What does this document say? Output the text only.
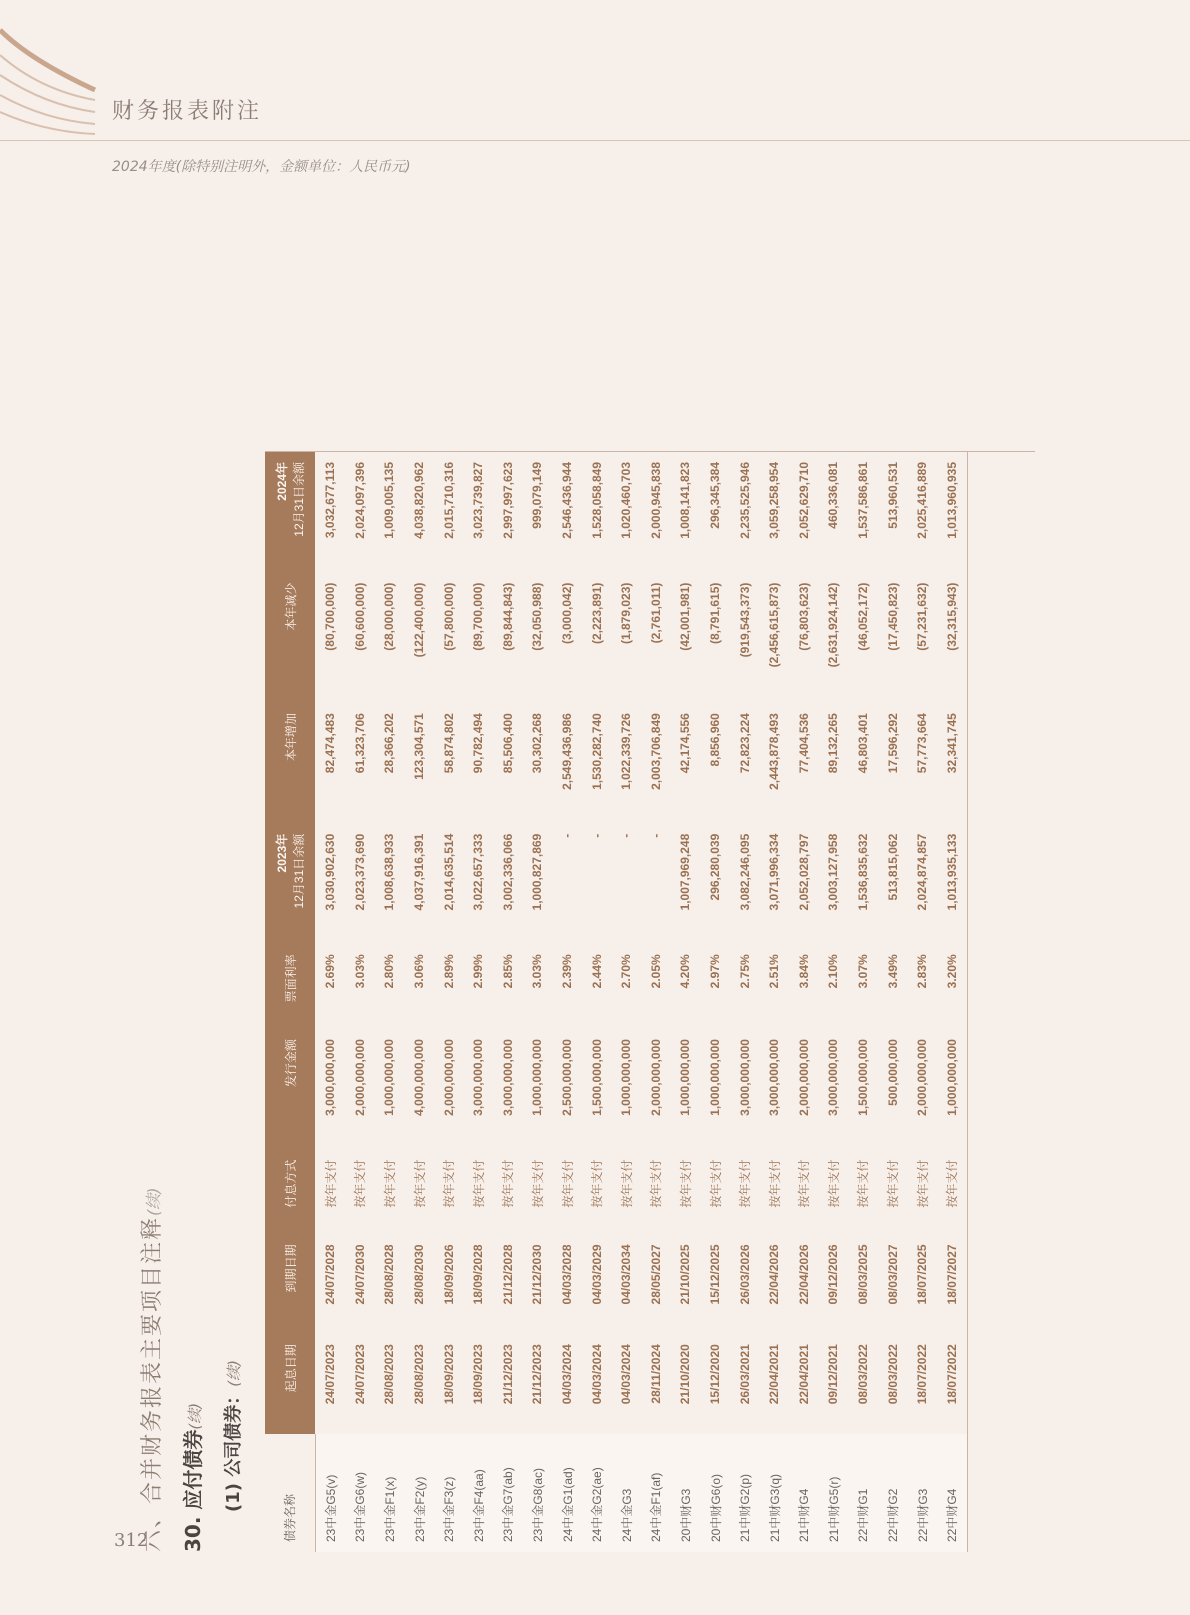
财务报表附注
2024年度(除特别注明外，金额单位：人民币元)
六、合并财务报表主要项目注释(续)
30. 应付债券(续) (1) 公司债券：(续)
债券名称	起息日期	到期日期	付息方式	发行金额	票面利率	2023年	本年增加	本年减少	2024年
						12月31日余额			12月31日余额
23中金G5(v)	24/07/2023	24/07/2028	按年支付	3,000,000,000	2.69%	3,030,902,630	82,474,483	(80,700,000)	3,032,677,113
23中金G6(w)	24/07/2023	24/07/2030	按年支付	2,000,000,000	3.03%	2,023,373,690	61,323,706	(60,600,000)	2,024,097,396
23中金F1(x)	28/08/2023	28/08/2028	按年支付	1,000,000,000	2.80%	1,008,638,933	28,366,202	(28,000,000)	1,009,005,135
23中金F2(y)	28/08/2023	28/08/2030	按年支付	4,000,000,000	3.06%	4,037,916,391	123,304,571	(122,400,000)	4,038,820,962
23中金F3(z)	18/09/2023	18/09/2026	按年支付	2,000,000,000	2.89%	2,014,635,514	58,874,802	(57,800,000)	2,015,710,316
23中金F4(aa)	18/09/2023	18/09/2028	按年支付	3,000,000,000	2.99%	3,022,657,333	90,782,494	(89,700,000)	3,023,739,827
23中金G7(ab)	21/12/2023	21/12/2028	按年支付	3,000,000,000	2.85%	3,002,336,066	85,506,400	(89,844,843)	2,997,997,623
23中金G8(ac)	21/12/2023	21/12/2030	按年支付	1,000,000,000	3.03%	1,000,827,869	30,302,268	(32,050,988)	999,079,149
24中金G1(ad)	04/03/2024	04/03/2028	按年支付	2,500,000,000	2.39%	-	2,549,436,986	(3,000,042)	2,546,436,944
24中金G2(ae)	04/03/2024	04/03/2029	按年支付	1,500,000,000	2.44%	-	1,530,282,740	(2,223,891)	1,528,058,849
24中金G3	04/03/2024	04/03/2034	按年支付	1,000,000,000	2.70%	-	1,022,339,726	(1,879,023)	1,020,460,703
24中金F1(af)	28/11/2024	28/05/2027	按年支付	2,000,000,000	2.05%	-	2,003,706,849	(2,761,011)	2,000,945,838
20中财G3	21/10/2020	21/10/2025	按年支付	1,000,000,000	4.20%	1,007,969,248	42,174,556	(42,001,981)	1,008,141,823
20中财G6(o)	15/12/2020	15/12/2025	按年支付	1,000,000,000	2.97%	296,280,039	8,856,960	(8,791,615)	296,345,384
21中财G2(p)	26/03/2021	26/03/2026	按年支付	3,000,000,000	2.75%	3,082,246,095	72,823,224	(919,543,373)	2,235,525,946
21中财G3(q)	22/04/2021	22/04/2026	按年支付	3,000,000,000	2.51%	3,071,996,334	2,443,878,493	(2,456,615,873)	3,059,258,954
21中财G4	22/04/2021	22/04/2026	按年支付	2,000,000,000	3.84%	2,052,028,797	77,404,536	(76,803,623)	2,052,629,710
21中财G5(r)	09/12/2021	09/12/2026	按年支付	3,000,000,000	2.10%	3,003,127,958	89,132,265	(2,631,924,142)	460,336,081
22中财G1	08/03/2022	08/03/2025	按年支付	1,500,000,000	3.07%	1,536,835,632	46,803,401	(46,052,172)	1,537,586,861
22中财G2	08/03/2022	08/03/2027	按年支付	500,000,000	3.49%	513,815,062	17,596,292	(17,450,823)	513,960,531
22中财G3	18/07/2022	18/07/2025	按年支付	2,000,000,000	2.83%	2,024,874,857	57,773,664	(57,231,632)	2,025,416,889
22中财G4	18/07/2022	18/07/2027	按年支付	1,000,000,000	3.20%	1,013,935,133	32,341,745	(32,315,943)	1,013,960,935
312
